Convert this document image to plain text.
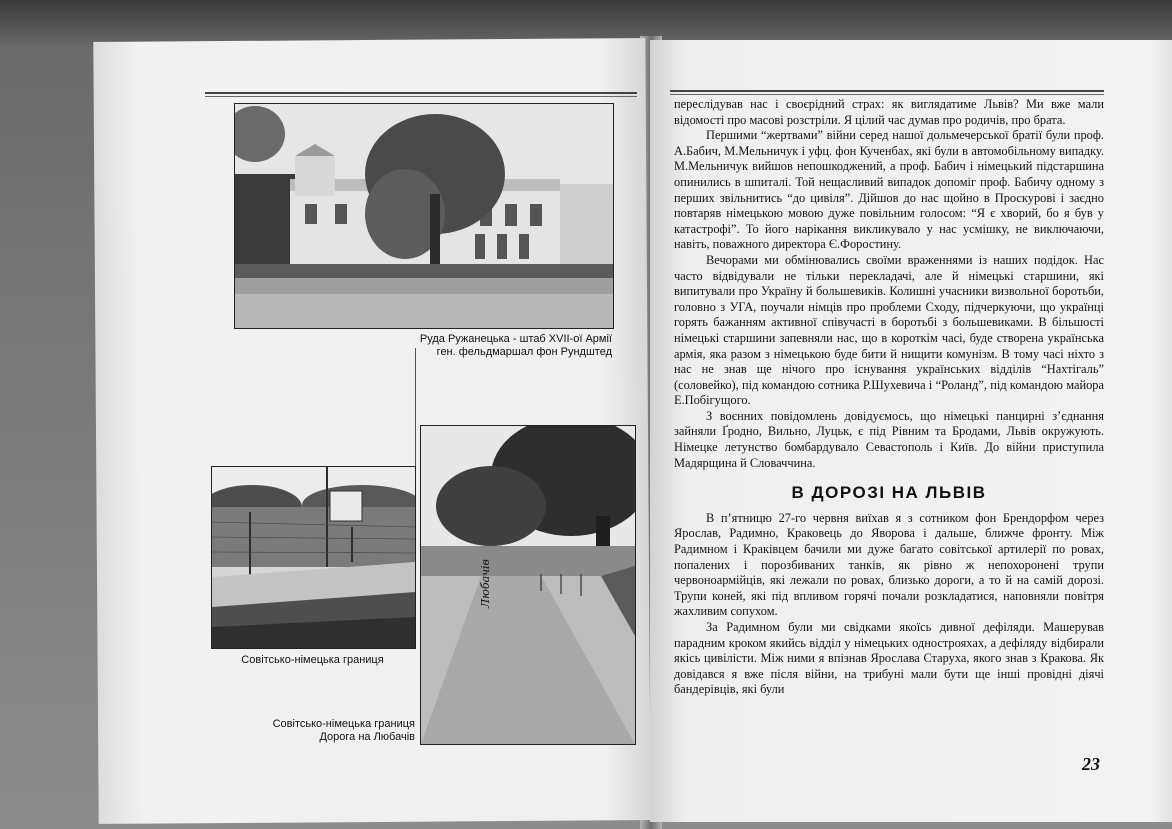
Руда Ружанецька - штаб XVII-ої Армії
ген. фельдмаршал фон Рундштед
Совітсько-німецька границя
Любачів
Совітсько-німецька границя
Дорога на Любачів

переслідував нас і своєрідний страх: як виглядатиме Львів? Ми вже мали відомості про масові розстріли. Я цілий час думав про родичів, про брата.

Першими “жертвами” війни серед нашої дольмечерської братії були проф. А.Бабич, М.Мельничук і уфц. фон Кученбах, які були в автомобільному випадку. М.Мельничук вийшов непошкоджений, а проф. Бабич і німецький підстаршина опинились в шпиталі. Той нещасливий випадок допоміг проф. Бабичу одному з перших звільнитись “до цивіля”. Дійшов до нас щойно в Проскурові і заєдно повтаряв німецькою мовою дуже повільним голосом: “Я є хворий, бо я був у катастрофі”. То його нарікання викликувало у нас усмішку, не виключаючи, навіть, поважного директора Є.Форостину.

Вечорами ми обмінювались своїми враженнями із наших подідок. Нас часто відвідували не тільки перекладачі, але й німецькі старшини, які випитували про Україну й большевиків. Колишні учасники визвольної боротьби, головно з УГА, поучали німців про проблеми Сходу, підчеркуючи, що українці горять бажанням активної співучасті в боротьбі з большевиками. В більшості німецькі старшини запевняли нас, що в короткім часі, буде створена українська армія, яка разом з німецькою буде бити й нищити комунізм. В тому часі ніхто з нас не знав ще нічого про існування українських відділів “Нахтігаль” (соловейко), під командою сотника Р.Шухевича і “Роланд”, під командою майора Е.Побігущого.

З воєнних повідомлень довідуємось, що німецькі панцирні з’єднання зайняли Ґродно, Вильно, Луцьк, є під Рівним та Бродами, Львів окружують. Німецке летунство бомбардувало Севастополь і Київ. До війни приступила Мадярщина й Словаччина.

В ДОРОЗІ НА ЛЬВІВ

В п’ятницю 27-го червня виїхав я з сотником фон Брендорфом через Ярослав, Радимно, Краковець до Яворова і дальше, ближче фронту. Між Радимном і Краківцем бачили ми дуже багато совітської артилерії по ровах, попалених і порозбиваних танків, як рівно ж непохоронені трупи червоноармійців, які лежали по ровах, близько дороги, а то й на самій дорозі. Трупи коней, які під впливом горячі почали розкладатися, наповняли повітря жахливим сопухом.

За Радимном були ми свідками якоїсь дивної дефіляди. Машерував парадним кроком якийсь відділ у німецьких однострояхах, а дефіляду відбирали якісь цивілісти. Між ними я впізнав Ярослава Старуха, якого знав з Кракова. Як довідався я вже після війни, на трибуні мали бути ще інші провідні діячі бандерівців, які були

23
